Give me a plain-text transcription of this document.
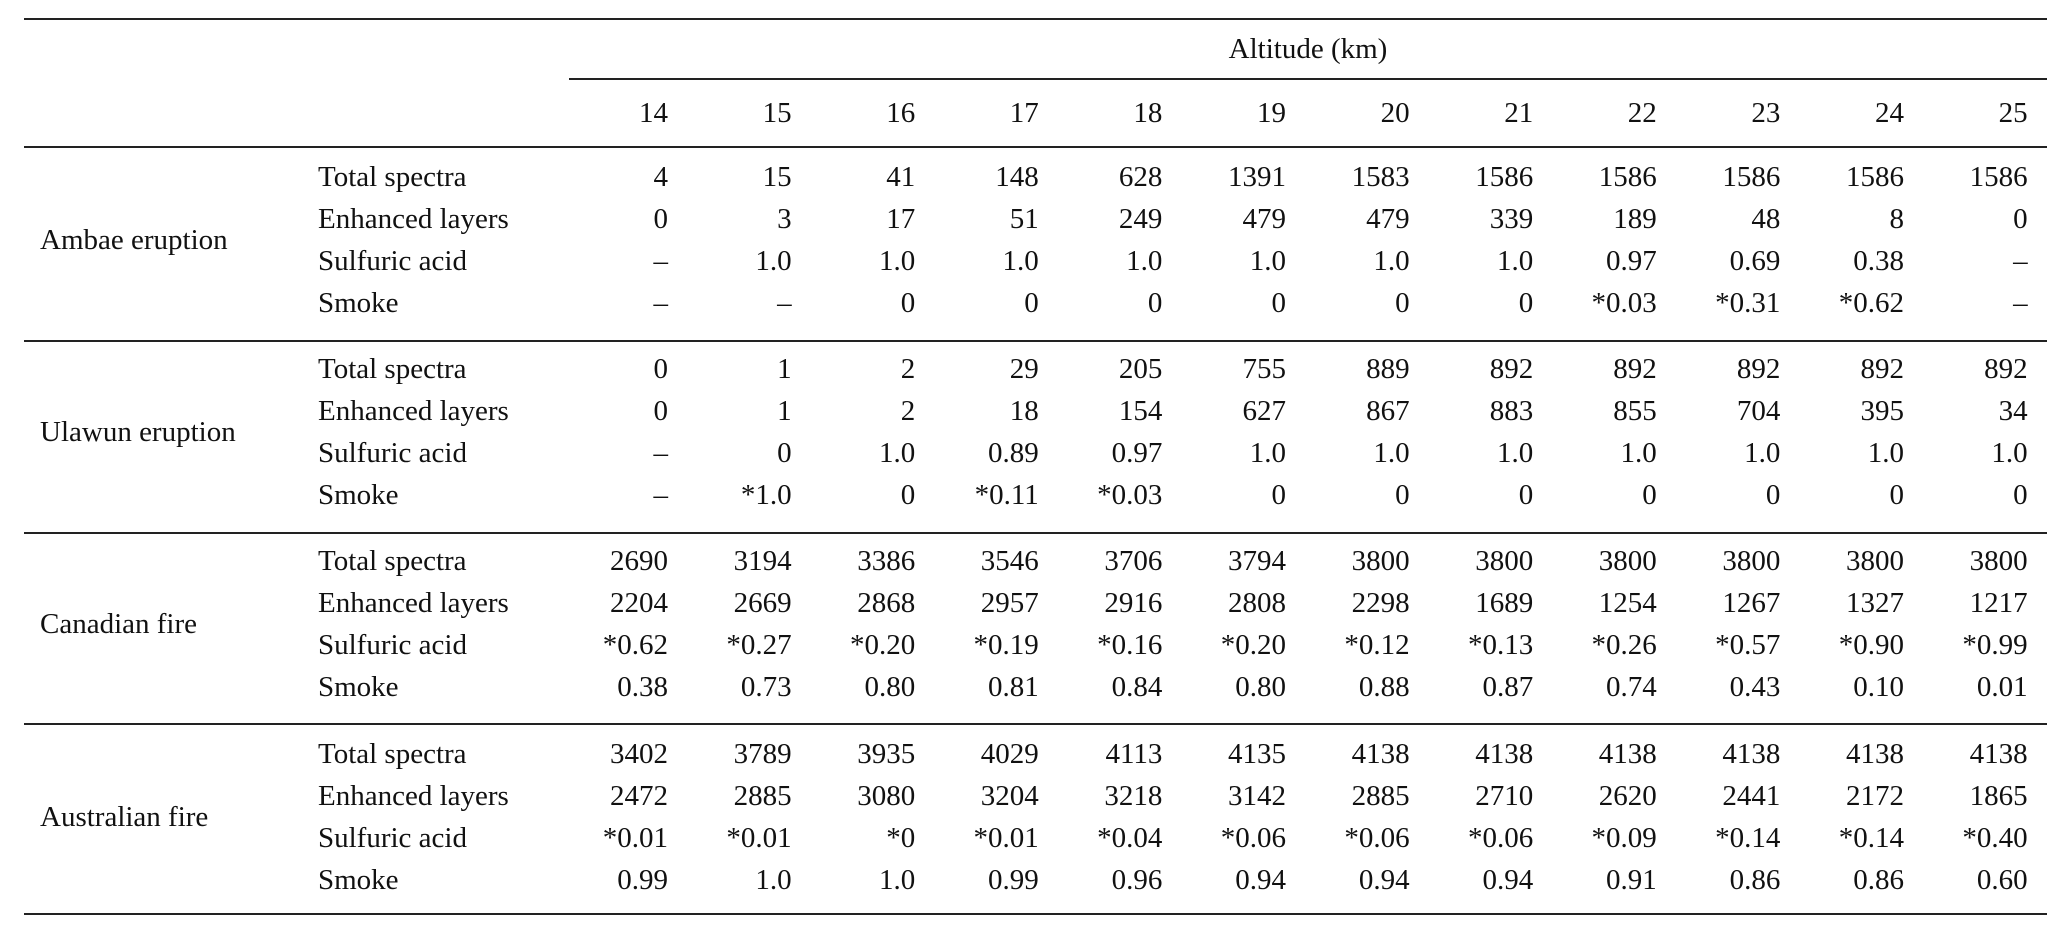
Altitude (km)
14	15	16	17	18	19	20	21	22	23	24	25
Ambae eruption
Total spectra	4	15	41	148	628	1391	1583	1586	1586	1586	1586	1586
Enhanced layers	0	3	17	51	249	479	479	339	189	48	8	0
Sulfuric acid	–	1.0	1.0	1.0	1.0	1.0	1.0	1.0	0.97	0.69	0.38	–
Smoke	–	–	0	0	0	0	0	0	*0.03	*0.31	*0.62	–
Ulawun eruption
Total spectra	0	1	2	29	205	755	889	892	892	892	892	892
Enhanced layers	0	1	2	18	154	627	867	883	855	704	395	34
Sulfuric acid	–	0	1.0	0.89	0.97	1.0	1.0	1.0	1.0	1.0	1.0	1.0
Smoke	–	*1.0	0	*0.11	*0.03	0	0	0	0	0	0	0
Canadian fire
Total spectra	2690	3194	3386	3546	3706	3794	3800	3800	3800	3800	3800	3800
Enhanced layers	2204	2669	2868	2957	2916	2808	2298	1689	1254	1267	1327	1217
Sulfuric acid	*0.62	*0.27	*0.20	*0.19	*0.16	*0.20	*0.12	*0.13	*0.26	*0.57	*0.90	*0.99
Smoke	0.38	0.73	0.80	0.81	0.84	0.80	0.88	0.87	0.74	0.43	0.10	0.01
Australian fire
Total spectra	3402	3789	3935	4029	4113	4135	4138	4138	4138	4138	4138	4138
Enhanced layers	2472	2885	3080	3204	3218	3142	2885	2710	2620	2441	2172	1865
Sulfuric acid	*0.01	*0.01	*0	*0.01	*0.04	*0.06	*0.06	*0.06	*0.09	*0.14	*0.14	*0.40
Smoke	0.99	1.0	1.0	0.99	0.96	0.94	0.94	0.94	0.91	0.86	0.86	0.60
